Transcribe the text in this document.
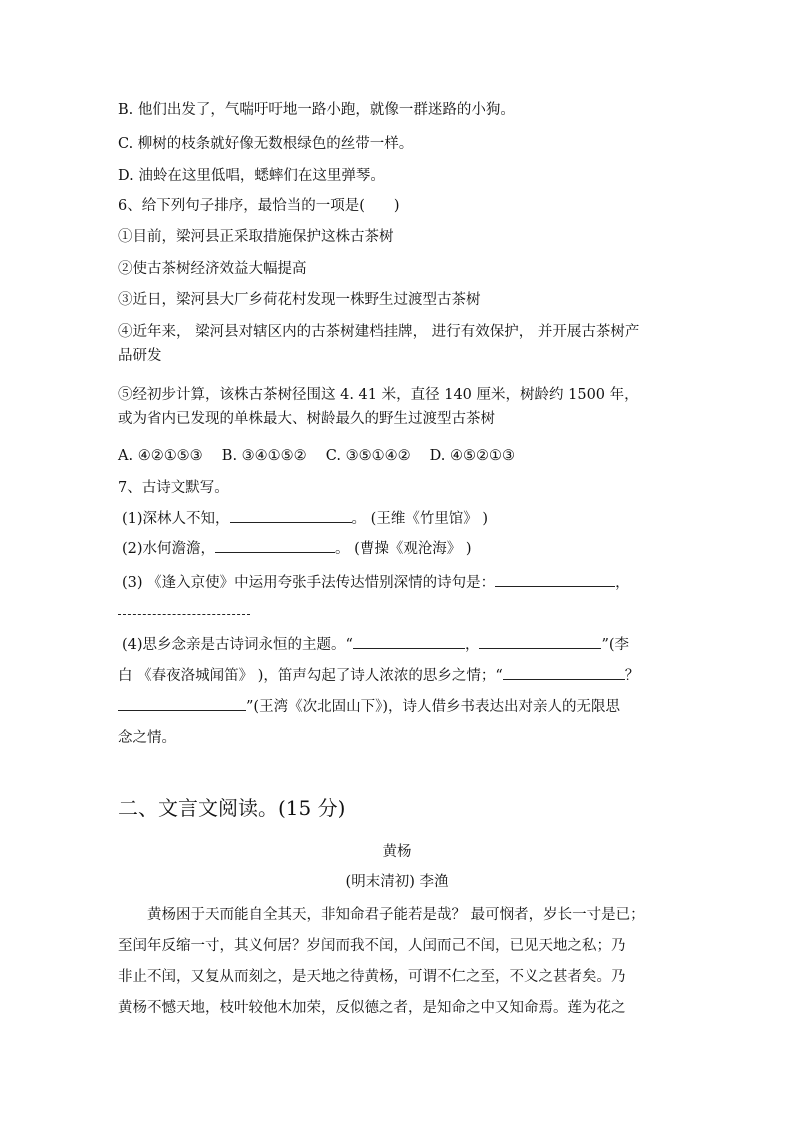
B. 他们出发了，气喘吁吁地一路小跑，就像一群迷路的小狗。
C. 柳树的枝条就好像无数根绿色的丝带一样。
D. 油蛉在这里低唱，蟋蟀们在这里弹琴。
6、给下列句子排序，最恰当的一项是(　　)
①目前，梁河县正采取措施保护这株古茶树
②使古茶树经济效益大幅提高
③近日，梁河县大厂乡荷花村发现一株野生过渡型古茶树
④近年来， 梁河县对辖区内的古茶树建档挂牌， 进行有效保护， 并开展古茶树产
品研发
⑤经初步计算，该株古茶树径围这 4. 41 米，直径 140 厘米，树龄约 1500 年，
或为省内已发现的单株最大、树龄最久的野生过渡型古茶树
A. ④②①⑤③　 B. ③④①⑤②　 C. ③⑤①④②　 D. ④⑤②①③
7、古诗文默写。
(1)深林人不知，	。 (王维《竹里馆》 )
(2)水何澹澹，	。 (曹操《观沧海》 )
(3) 《逢入京使》中运用夸张手法传达惜别深情的诗句是：	，
(4)思乡念亲是古诗词永恒的主题。“	，	”(李
白 《春夜洛城闻笛》 )，笛声勾起了诗人浓浓的思乡之情；“	？
”(王湾《次北固山下》)，诗人借乡书表达出对亲人的无限思
念之情。
二、文言文阅读。(15 分)
黄杨
(明末清初) 李渔

　　黄杨困于天而能自全其天，非知命君子能若是哉？ 最可悯者，岁长一寸是已；

至闰年反缩一寸，其义何居？岁闰而我不闰，人闰而己不闰，已见天地之私；乃

非止不闰，又复从而刻之，是天地之待黄杨，可谓不仁之至，不义之甚者矣。乃

黄杨不憾天地，枝叶较他木加荣，反似德之者，是知命之中又知命焉。莲为花之
